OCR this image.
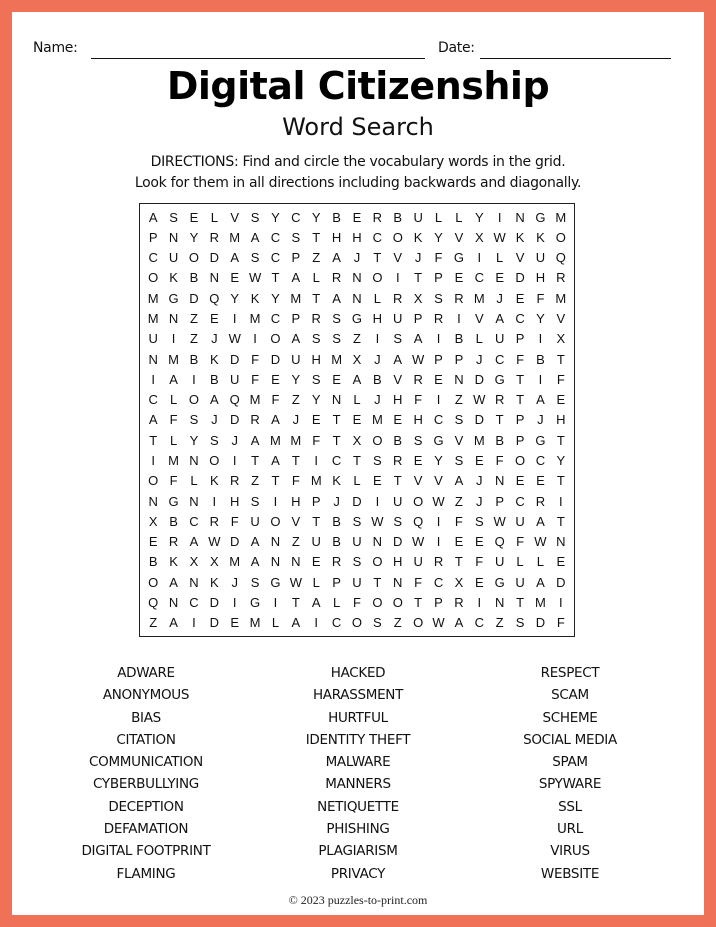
Name:	Date:
Digital Citizenship
Word Search
DIRECTIONS: Find and circle the vocabulary words in the grid.
Look for them in all directions including backwards and diagonally.
A S E L V S Y C Y B E R B U L	L Y	I	N G M
P N Y R M A C S T H H C O K Y V X W K K O
C U O D A S C P Z A J	T V J	F G	I	L V U Q
O K B N E W T A L R N O	I	T P E C E D H R
M G D Q Y K Y M T A N L R X S R M J E F M
M N Z E	I	M C P R S G H U P R	I	V A C Y V
U	I	Z	J W I	O A S S Z	I	S A	I	B L U P	I	X
N M B K D F D U H M X J A W P P J C F B T
I	A	I	B U F E Y S E A B V R E N D G T	I	F
C L O A Q M F Z Y N L	J H F	I	Z W R T A E
A F S J D R A J E T E M E H C S D T P J H
T L Y S J A M M F T X O B S G V M B P G T
I	M N O	I	T A T	I	C T S R E Y S E F O C Y
O F L K R Z T F M K L E T V V A J N E E T
N G N	I	H S	I	H P J D	I	U O W Z	J P C R	I
X B C R F U O V T B S W S Q	I	F S W U A T
E R A W D A N Z U B U N D W I	E E Q F W N
B K X X M A N N E R S O H U R T F U L	L E
O A N K J S G W L P U T N F C X E G U A D
Q N C D	I	G	I	T A L F O O T P R	I	N T M	I
Z A	I	D E M L A	I	C O S Z O W A C Z S D F
ADWARE
ANONYMOUS
BIAS
CITATION
COMMUNICATION
CYBERBULLYING
DECEPTION
DEFAMATION
DIGITAL FOOTPRINT
FLAMING
HACKED
HARASSMENT
HURTFUL
IDENTITY THEFT
MALWARE
MANNERS
NETIQUETTE
PHISHING
PLAGIARISM
PRIVACY
RESPECT
SCAM
SCHEME
SOCIAL MEDIA
SPAM
SPYWARE
SSL
URL
VIRUS
WEBSITE
© 2023 puzzles-to-print.com
